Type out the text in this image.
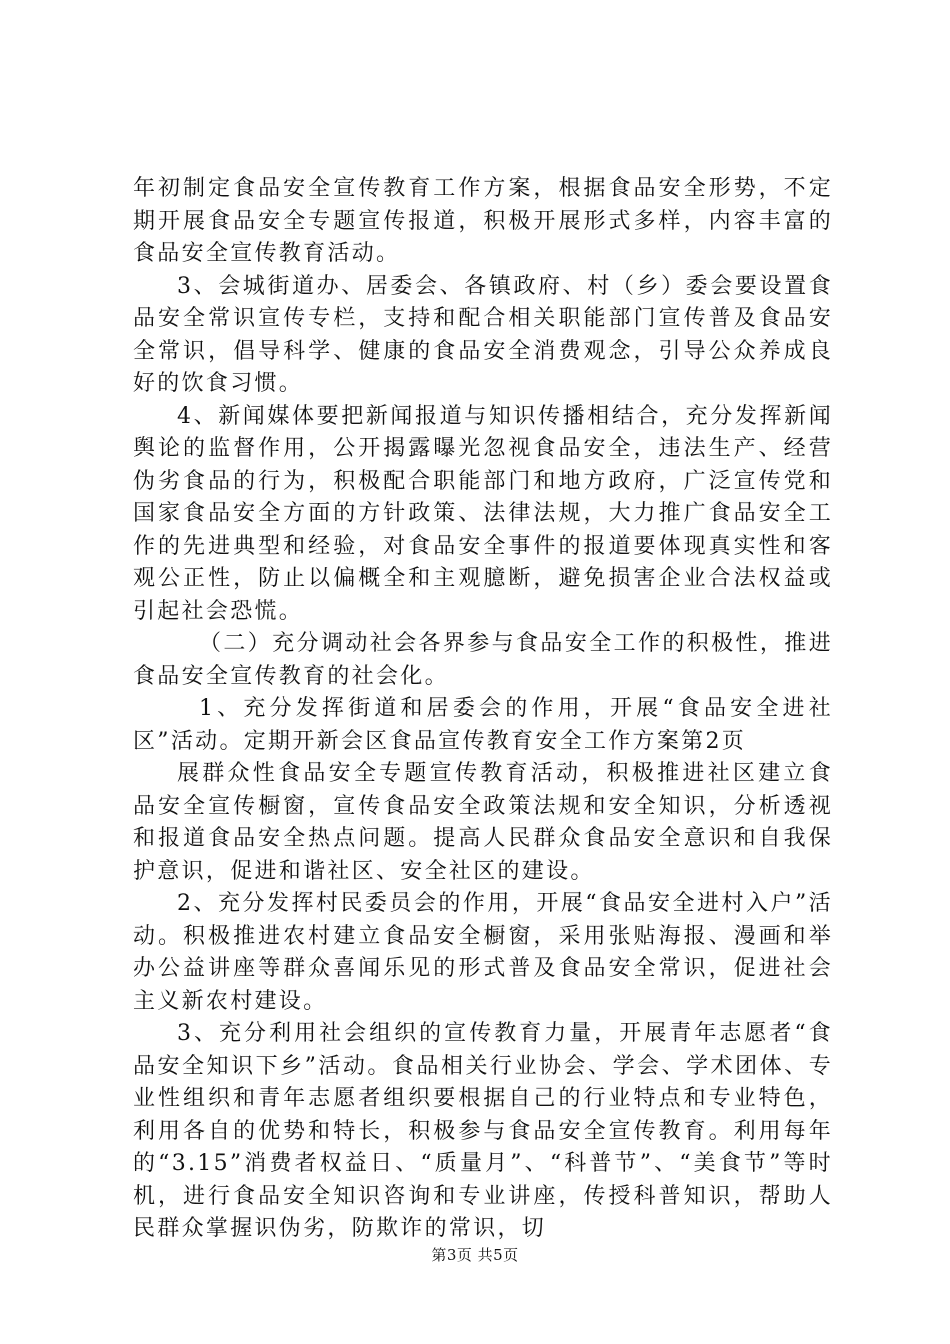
年初制定食品安全宣传教育工作方案，根据食品安全形势，不定期开展食品安全专题宣传报道，积极开展形式多样，内容丰富的食品安全宣传教育活动。

3、会城街道办、居委会、各镇政府、村（乡）委会要设置食品安全常识宣传专栏，支持和配合相关职能部门宣传普及食品安全常识，倡导科学、健康的食品安全消费观念，引导公众养成良好的饮食习惯。

4、新闻媒体要把新闻报道与知识传播相结合，充分发挥新闻舆论的监督作用，公开揭露曝光忽视食品安全，违法生产、经营伪劣食品的行为，积极配合职能部门和地方政府，广泛宣传党和国家食品安全方面的方针政策、法律法规，大力推广食品安全工作的先进典型和经验，对食品安全事件的报道要体现真实性和客观公正性，防止以偏概全和主观臆断，避免损害企业合法权益或引起社会恐慌。

（二）充分调动社会各界参与食品安全工作的积极性，推进食品安全宣传教育的社会化。

1、充分发挥街道和居委会的作用，开展“食品安全进社区”活动。定期开新会区食品宣传教育安全工作方案第2页

展群众性食品安全专题宣传教育活动，积极推进社区建立食品安全宣传橱窗，宣传食品安全政策法规和安全知识，分析透视和报道食品安全热点问题。提高人民群众食品安全意识和自我保护意识，促进和谐社区、安全社区的建设。

2、充分发挥村民委员会的作用，开展“食品安全进村入户”活动。积极推进农村建立食品安全橱窗，采用张贴海报、漫画和举办公益讲座等群众喜闻乐见的形式普及食品安全常识，促进社会主义新农村建设。

3、充分利用社会组织的宣传教育力量，开展青年志愿者“食品安全知识下乡”活动。食品相关行业协会、学会、学术团体、专业性组织和青年志愿者组织要根据自己的行业特点和专业特色，利用各自的优势和特长，积极参与食品安全宣传教育。利用每年的“3.15”消费者权益日、“质量月”、“科普节”、“美食节”等时机，进行食品安全知识咨询和专业讲座，传授科普知识，帮助人民群众掌握识伪劣，防欺诈的常识，切

第3页 共5页
